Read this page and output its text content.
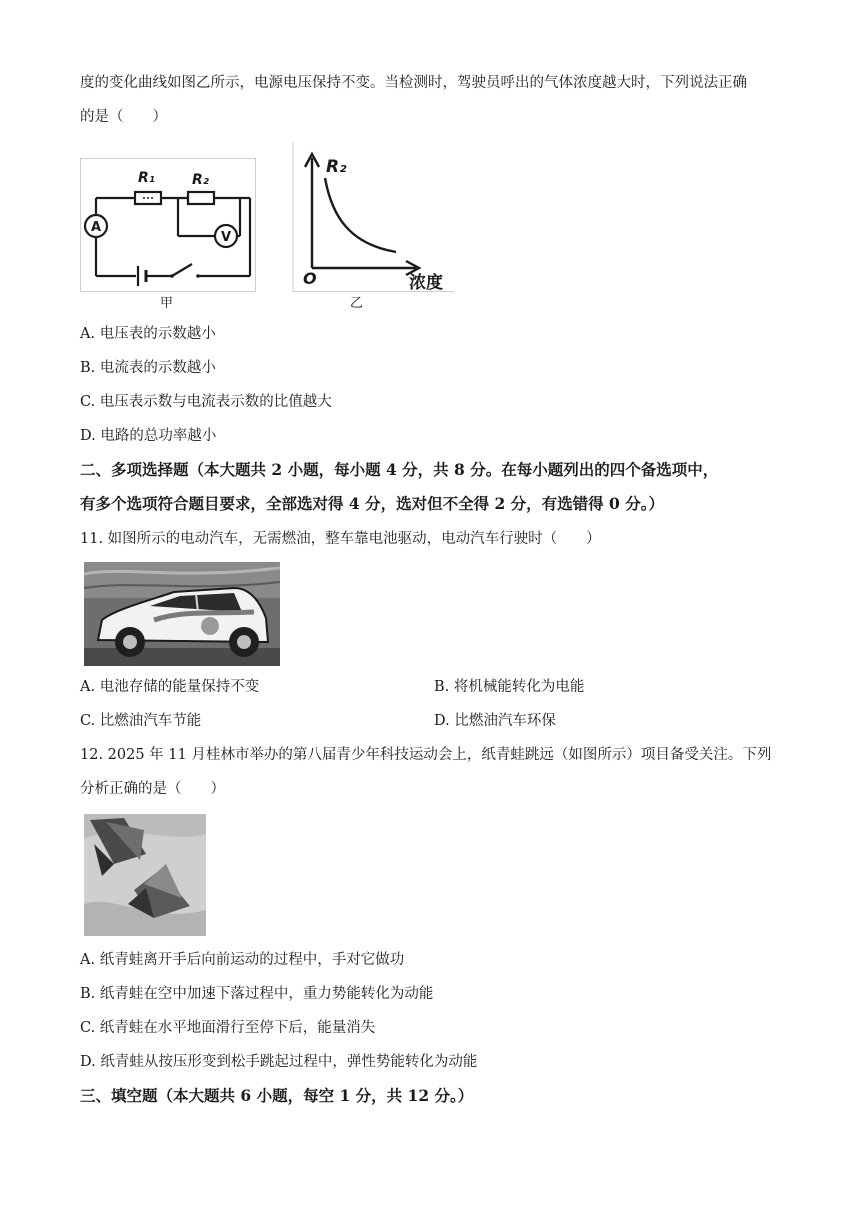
度的变化曲线如图乙所示，电源电压保持不变。当检测时，驾驶员呼出的气体浓度越大时，下列说法正确
的是（　　）
A
V
R₁	R₂
甲
R₂
O	浓度
乙
A. 电压表的示数越小
B. 电流表的示数越小
C. 电压表示数与电流表示数的比值越大
D. 电路的总功率越小
二、多项选择题（本大题共 2 小题，每小题 4 分，共 8 分。在每小题列出的四个备选项中，
有多个选项符合题目要求，全部选对得 4 分，选对但不全得 2 分，有选错得 0 分。）
11. 如图所示的电动汽车，无需燃油，整车靠电池驱动，电动汽车行驶时（　　）
A. 电池存储的能量保持不变	B. 将机械能转化为电能
C. 比燃油汽车节能	D. 比燃油汽车环保
12. 2025 年 11 月桂林市举办的第八届青少年科技运动会上，纸青蛙跳远（如图所示）项目备受关注。下列
分析正确的是（　　）
A. 纸青蛙离开手后向前运动的过程中，手对它做功
B. 纸青蛙在空中加速下落过程中，重力势能转化为动能
C. 纸青蛙在水平地面滑行至停下后，能量消失
D. 纸青蛙从按压形变到松手跳起过程中，弹性势能转化为动能
三、填空题（本大题共 6 小题，每空 1 分，共 12 分。）
